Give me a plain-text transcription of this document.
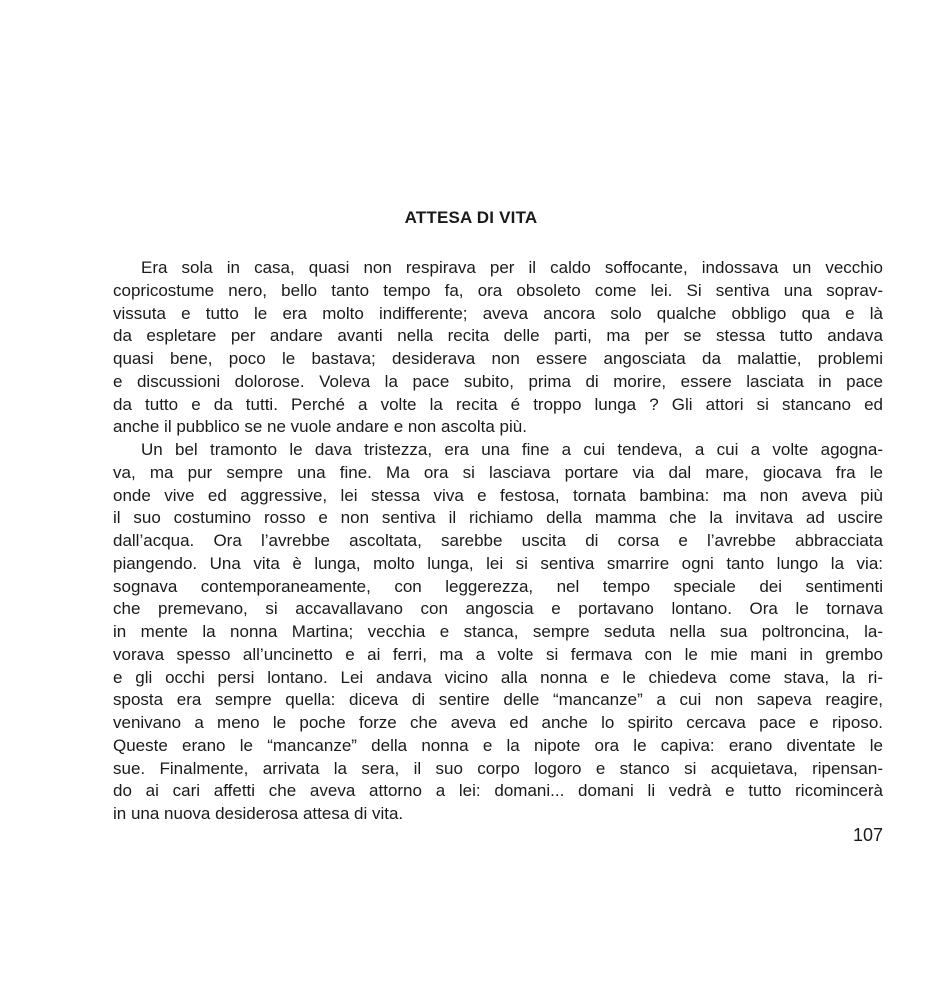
ATTESA DI VITA
Era sola in casa, quasi non respirava per il caldo soffocante, indossava un vecchio
copricostume nero, bello tanto tempo fa, ora obsoleto come lei. Si sentiva una soprav-
vissuta e tutto le era molto indifferente; aveva ancora solo qualche obbligo qua e là
da espletare per andare avanti nella recita delle parti, ma per se stessa tutto andava
quasi bene, poco le bastava; desiderava non essere angosciata da malattie, problemi
e discussioni dolorose. Voleva la pace subito, prima di morire, essere lasciata in pace
da tutto e da tutti. Perché a volte la recita é troppo lunga ? Gli attori si stancano ed
anche il pubblico se ne vuole andare e non ascolta più.
Un bel tramonto le dava tristezza, era una fine a cui tendeva, a cui a volte agogna-
va, ma pur sempre una fine. Ma ora si lasciava portare via dal mare, giocava fra le
onde vive ed aggressive, lei stessa viva e festosa, tornata bambina: ma non aveva più
il suo costumino rosso e non sentiva il richiamo della mamma che la invitava ad uscire
dall’acqua. Ora l’avrebbe ascoltata, sarebbe uscita di corsa e l’avrebbe abbracciata
piangendo. Una vita è lunga, molto lunga, lei si sentiva smarrire ogni tanto lungo la via:
sognava contemporaneamente, con leggerezza, nel tempo speciale dei sentimenti
che premevano, si accavallavano con angoscia e portavano lontano. Ora le tornava
in mente la nonna Martina; vecchia e stanca, sempre seduta nella sua poltroncina, la-
vorava spesso all’uncinetto e ai ferri, ma a volte si fermava con le mie mani in grembo
e gli occhi persi lontano. Lei andava vicino alla nonna e le chiedeva come stava, la ri-
sposta era sempre quella: diceva di sentire delle “mancanze” a cui non sapeva reagire,
venivano a meno le poche forze che aveva ed anche lo spirito cercava pace e riposo.
Queste erano le “mancanze” della nonna e la nipote ora le capiva: erano diventate le
sue. Finalmente, arrivata la sera, il suo corpo logoro e stanco si acquietava, ripensan-
do ai cari affetti che aveva attorno a lei: domani... domani li vedrà e tutto ricomincerà
in una nuova desiderosa attesa di vita.
107
